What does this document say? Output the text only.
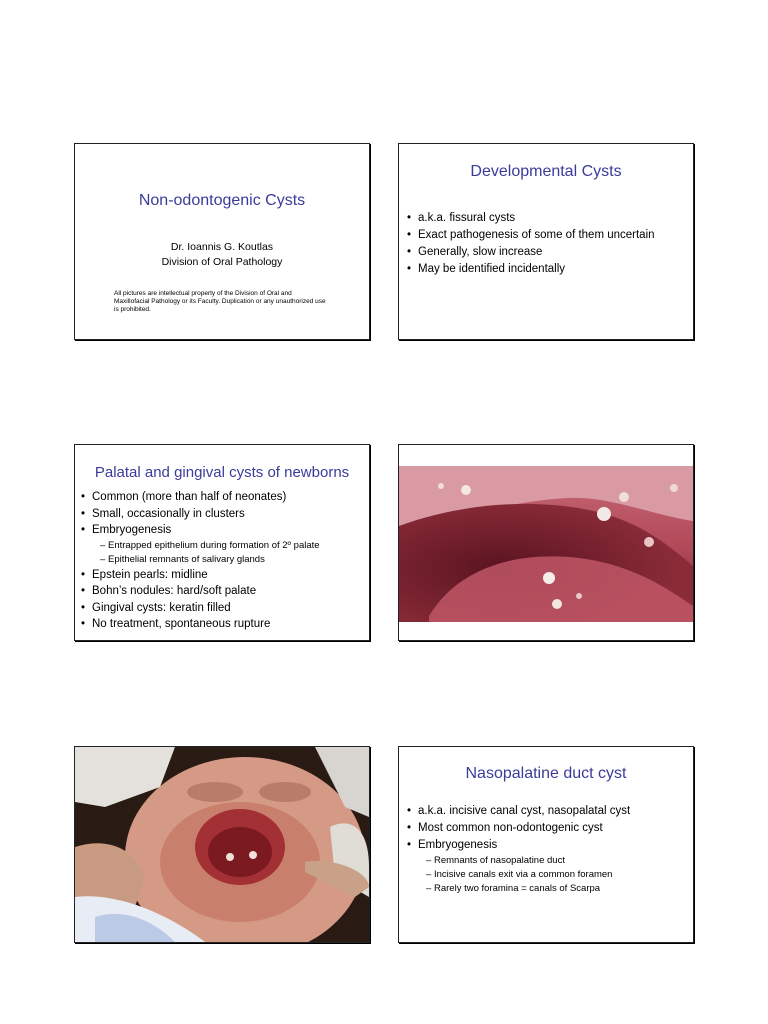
Non-odontogenic Cysts
Dr. Ioannis G. Koutlas
Division of Oral Pathology
All pictures are intellectual property of the Division of Oral and Maxillofacial Pathology or its Faculty. Duplication or any unauthorized use is prohibited.
Developmental Cysts
• a.k.a. fissural cysts
• Exact pathogenesis of some of them uncertain
• Generally, slow increase
• May be identified incidentally
Palatal and gingival cysts of newborns
• Common (more than half of neonates)
• Small, occasionally in clusters
• Embryogenesis
– Entrapped epithelium during formation of 2º palate
– Epithelial remnants of salivary glands
• Epstein pearls: midline
• Bohn’s nodules: hard/soft palate
• Gingival cysts: keratin filled
• No treatment, spontaneous rupture
Nasopalatine duct cyst
• a.k.a. incisive canal cyst, nasopalatal cyst
• Most common non-odontogenic cyst
• Embryogenesis
– Remnants of nasopalatine duct
– Incisive canals exit via a common foramen
– Rarely two foramina = canals of Scarpa
